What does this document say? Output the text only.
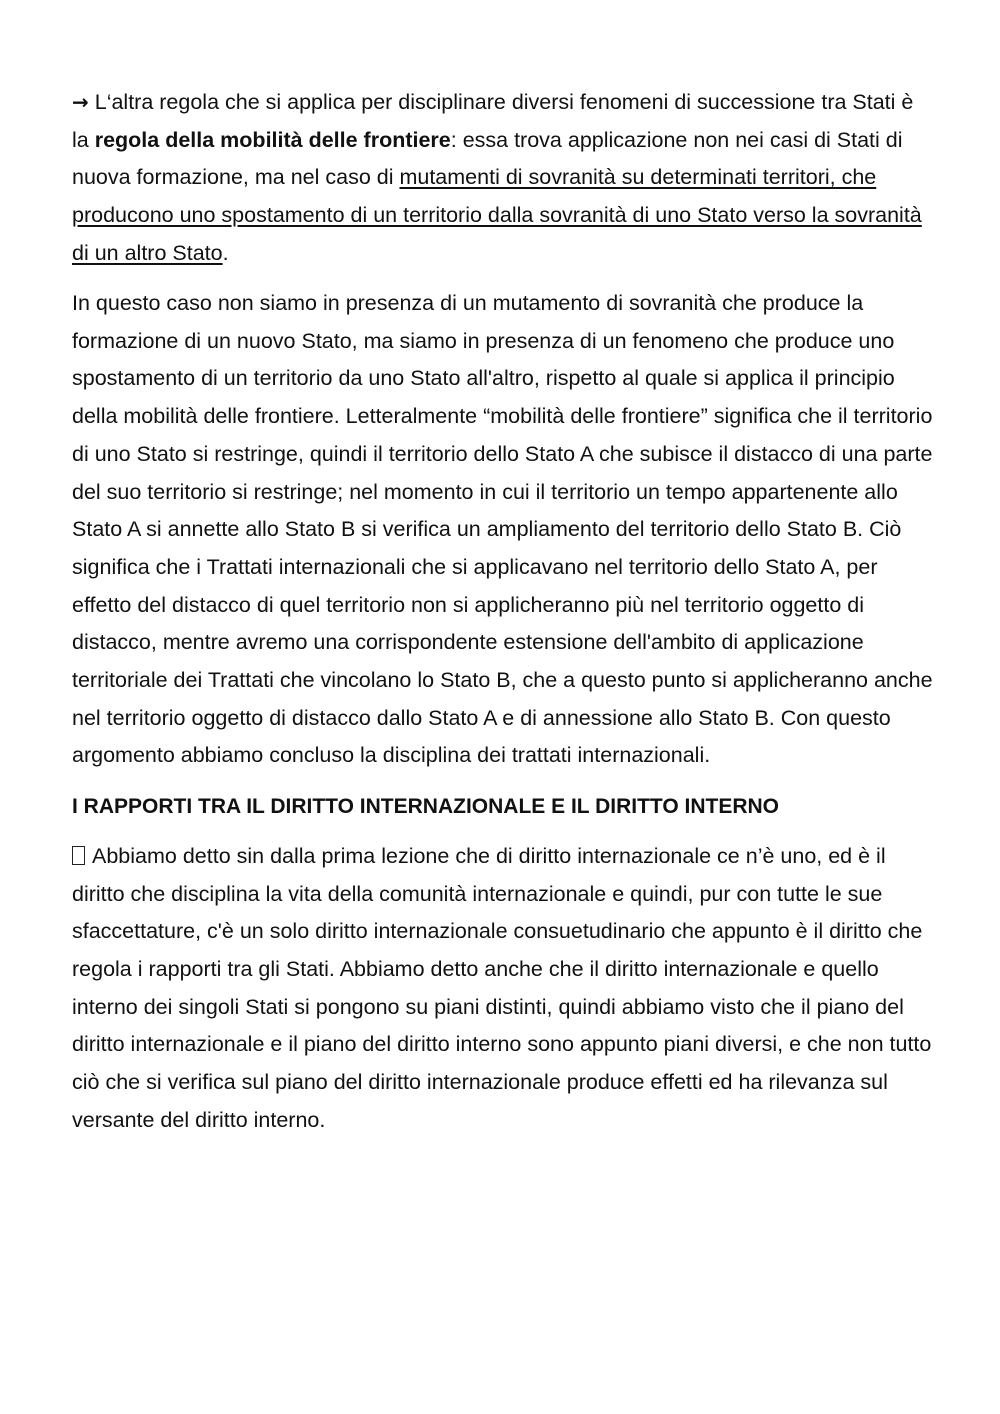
→ L‘altra regola che si applica per disciplinare diversi fenomeni di successione tra Stati è la regola della mobilità delle frontiere: essa trova applicazione non nei casi di Stati di nuova formazione, ma nel caso di mutamenti di sovranità su determinati territori, che producono uno spostamento di un territorio dalla sovranità di uno Stato verso la sovranità di un altro Stato.

In questo caso non siamo in presenza di un mutamento di sovranità che produce la formazione di un nuovo Stato, ma siamo in presenza di un fenomeno che produce uno spostamento di un territorio da uno Stato all'altro, rispetto al quale si applica il principio della mobilità delle frontiere. Letteralmente “mobilità delle frontiere” significa che il territorio di uno Stato si restringe, quindi il territorio dello Stato A che subisce il distacco di una parte del suo territorio si restringe; nel momento in cui il territorio un tempo appartenente allo Stato A si annette allo Stato B si verifica un ampliamento del territorio dello Stato B. Ciò significa che i Trattati internazionali che si applicavano nel territorio dello Stato A, per effetto del distacco di quel territorio non si applicheranno più nel territorio oggetto di distacco, mentre avremo una corrispondente estensione dell'ambito di applicazione territoriale dei Trattati che vincolano lo Stato B, che a questo punto si applicheranno anche nel territorio oggetto di distacco dallo Stato A e di annessione allo Stato B. Con questo argomento abbiamo concluso la disciplina dei trattati internazionali.

I RAPPORTI TRA IL DIRITTO INTERNAZIONALE E IL DIRITTO INTERNO

Abbiamo detto sin dalla prima lezione che di diritto internazionale ce n’è uno, ed è il diritto che disciplina la vita della comunità internazionale e quindi, pur con tutte le sue sfaccettature, c'è un solo diritto internazionale consuetudinario che appunto è il diritto che regola i rapporti tra gli Stati. Abbiamo detto anche che il diritto internazionale e quello interno dei singoli Stati si pongono su piani distinti, quindi abbiamo visto che il piano del diritto internazionale e il piano del diritto interno sono appunto piani diversi, e che non tutto ciò che si verifica sul piano del diritto internazionale produce effetti ed ha rilevanza sul versante del diritto interno.
